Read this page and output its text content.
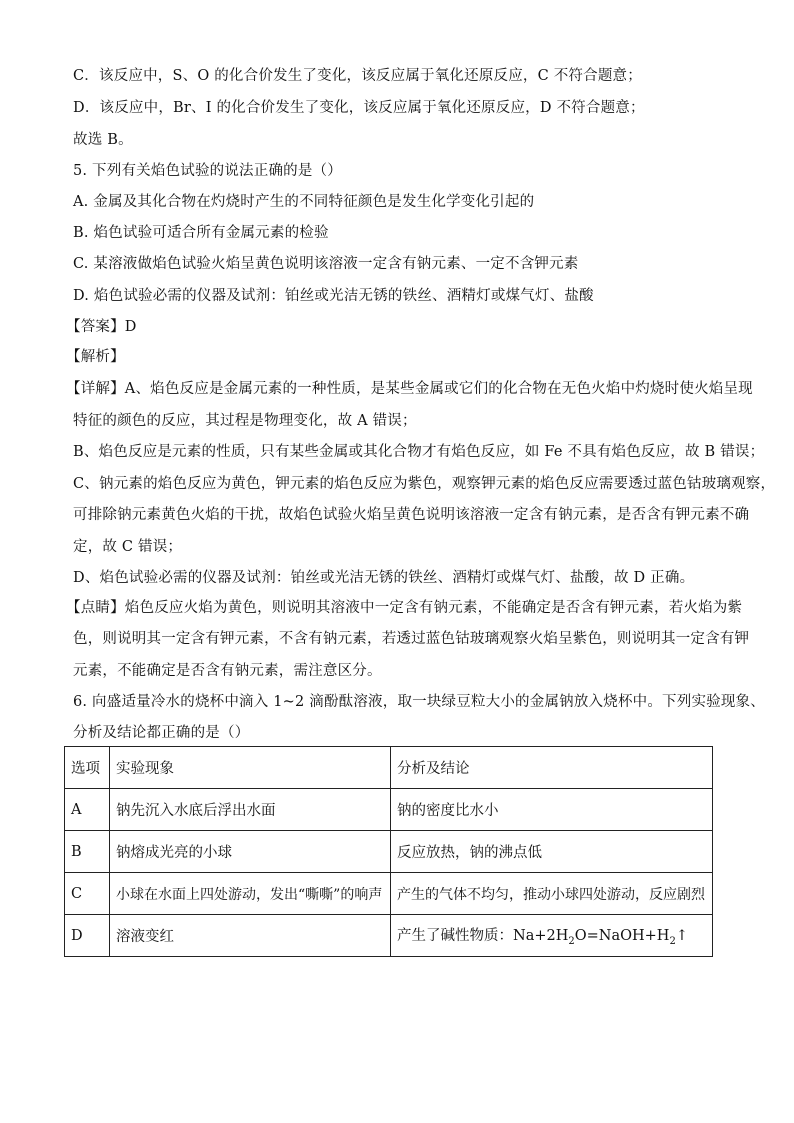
C．该反应中，S、O 的化合价发生了变化，该反应属于氧化还原反应，C 不符合题意；
D．该反应中，Br、I 的化合价发生了变化，该反应属于氧化还原反应，D 不符合题意；
故选 B。
5. 下列有关焰色试验的说法正确的是（）
A. 金属及其化合物在灼烧时产生的不同特征颜色是发生化学变化引起的
B. 焰色试验可适合所有金属元素的检验
C. 某溶液做焰色试验火焰呈黄色说明该溶液一定含有钠元素、一定不含钾元素
D. 焰色试验必需的仪器及试剂：铂丝或光洁无锈的铁丝、酒精灯或煤气灯、盐酸
【答案】D
【解析】
【详解】A、焰色反应是金属元素的一种性质，是某些金属或它们的化合物在无色火焰中灼烧时使火焰呈现
特征的颜色的反应，其过程是物理变化，故 A 错误；
B、焰色反应是元素的性质，只有某些金属或其化合物才有焰色反应，如 Fe 不具有焰色反应，故 B 错误；
C、钠元素的焰色反应为黄色，钾元素的焰色反应为紫色，观察钾元素的焰色反应需要透过蓝色钴玻璃观察，
可排除钠元素黄色火焰的干扰，故焰色试验火焰呈黄色说明该溶液一定含有钠元素，是否含有钾元素不确
定，故 C 错误；
D、焰色试验必需的仪器及试剂：铂丝或光洁无锈的铁丝、酒精灯或煤气灯、盐酸，故 D 正确。
【点睛】焰色反应火焰为黄色，则说明其溶液中一定含有钠元素，不能确定是否含有钾元素，若火焰为紫
色，则说明其一定含有钾元素，不含有钠元素，若透过蓝色钴玻璃观察火焰呈紫色，则说明其一定含有钾
元素，不能确定是否含有钠元素，需注意区分。
6. 向盛适量冷水的烧杯中滴入 1~2 滴酚酞溶液，取一块绿豆粒大小的金属钠放入烧杯中。下列实验现象、
分析及结论都正确的是（）
选项	实验现象	分析及结论
A	钠先沉入水底后浮出水面	钠的密度比水小
B	钠熔成光亮的小球	反应放热，钠的沸点低
C	小球在水面上四处游动，发出“嘶嘶”的响声	产生的气体不均匀，推动小球四处游动，反应剧烈
D	溶液变红	产生了碱性物质：$Na+2H_2O=NaOH+H_2↑$
